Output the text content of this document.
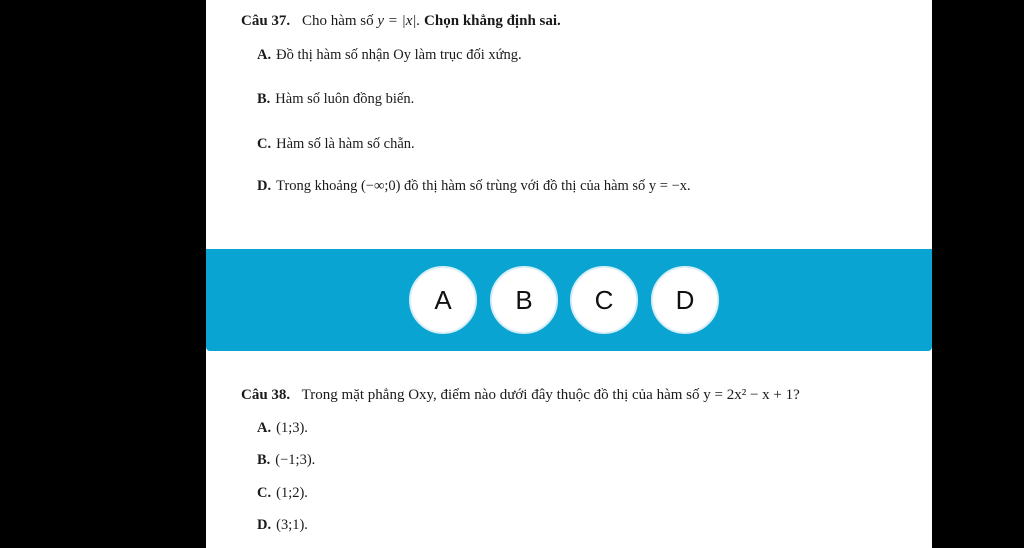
Câu 37. Cho hàm số y = |x|. Chọn khẳng định sai.
A. Đồ thị hàm số nhận Oy làm trục đối xứng.
B. Hàm số luôn đồng biến.
C. Hàm số là hàm số chẵn.
D. Trong khoảng (−∞;0) đồ thị hàm số trùng với đồ thị của hàm số y = −x.
A	B	C	D
Câu 38. Trong mặt phẳng Oxy, điểm nào dưới đây thuộc đồ thị của hàm số y = 2x² − x + 1?
A. (1;3).
B. (−1;3).
C. (1;2).
D. (3;1).
